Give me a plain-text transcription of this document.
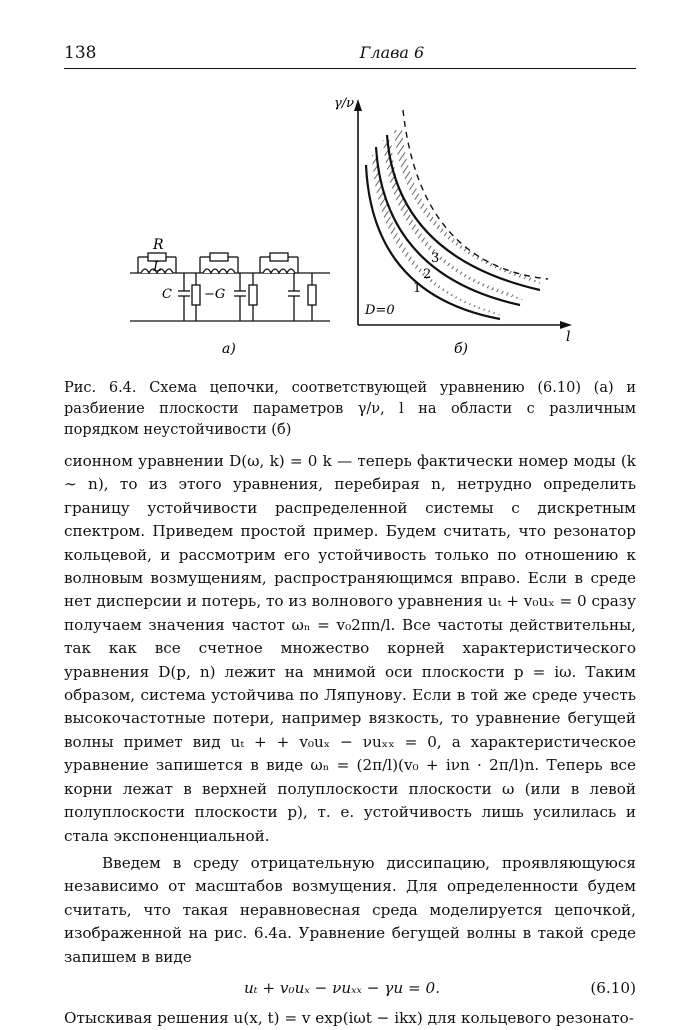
138	Глава 6
R
L
C −G
а)
γ/ν
l
D=0
1
2
3
б)
Рис. 6.4. Схема цепочки, соответствующей уравнению (6.10) (а) и разбиение плоскости параметров γ/ν, l на области с различным порядком неустойчивости (б)

сионном уравнении D(ω, k) = 0 k — теперь фактически номер моды (k ∼ n), то из этого уравнения, перебирая n, нетрудно определить границу устойчивости распределенной системы с дискретным спектром. Приведем простой пример. Будем считать, что резонатор кольцевой, и рассмотрим его устойчивость только по отношению к волновым возмущениям, распространяющимся вправо. Если в среде нет дисперсии и потерь, то из волнового уравнения uₜ + v₀uₓ = 0 сразу получаем значения частот ωₙ = v₀2πn/l. Все частоты действительны, так как все счетное множество корней характеристического уравнения D(p, n) лежит на мнимой оси плоскости p = iω. Таким образом, система устойчива по Ляпунову. Если в той же среде учесть высокочастотные потери, например вязкость, то уравнение бегущей волны примет вид uₜ + + v₀uₓ − νuₓₓ = 0, а характеристическое уравнение запишется в виде ωₙ = (2π/l)(v₀ + iνn · 2π/l)n. Теперь все корни лежат в верхней полуплоскости плоскости ω (или в левой полуплоскости плоскости p), т. е. устойчивость лишь усилилась и стала экспоненциальной.

Введем в среду отрицательную диссипацию, проявляющуюся независимо от масштабов возмущения. Для определенности будем считать, что такая неравновесная среда моделируется цепочкой, изображенной на рис. 6.4а. Уравнение бегущей волны в такой среде запишем в виде

uₜ + v₀uₓ − νuₓₓ − γu = 0.	(6.10)

Отыскивая решения u(x, t) = v exp(iωt − ikx) для кольцевого резонато-
